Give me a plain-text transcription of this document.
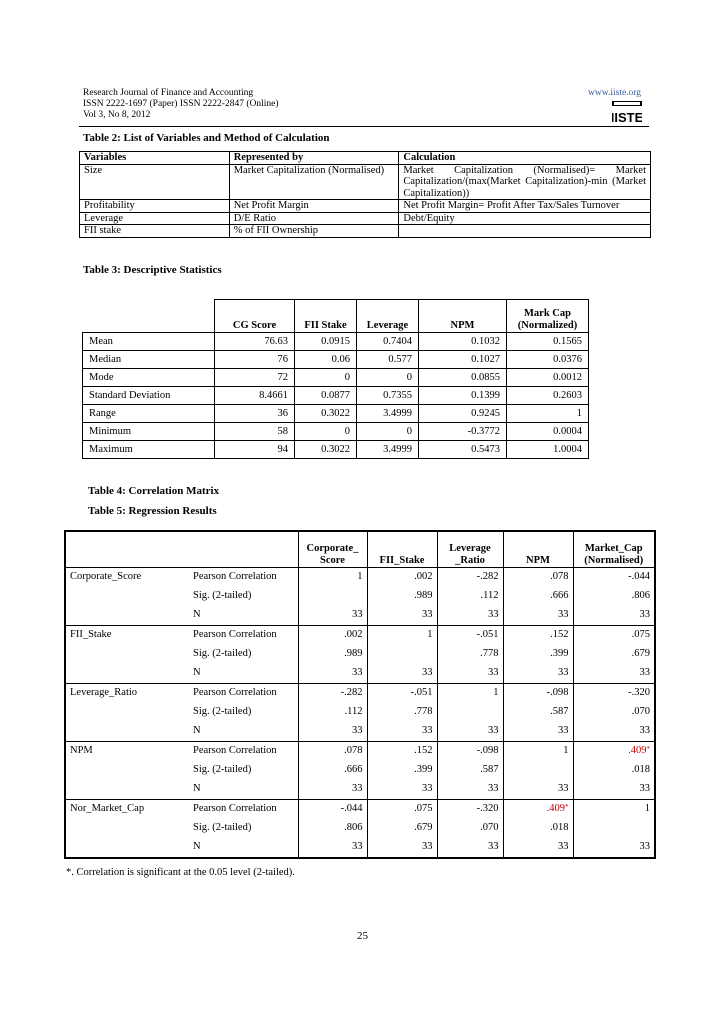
Research Journal of Finance and Accounting
ISSN 2222-1697 (Paper) ISSN 2222-2847 (Online)
Vol 3, No 8, 2012
www.iiste.org
IISTE
Table 2: List of Variables and Method of Calculation
Variables	Represented by	Calculation
Size	Market Capitalization (Normalised)	Market Capitalization (Normalised)= Market Capitalization/(max(Market Capitalization)-min (Market Capitalization))
Profitability	Net Profit Margin	Net Profit Margin= Profit After Tax/Sales Turnover
Leverage	D/E Ratio	Debt/Equity
FII stake	% of FII Ownership	
Table 3: Descriptive Statistics
	CG Score	FII Stake	Leverage	NPM	Mark Cap (Normalized)
Mean	76.63	0.0915	0.7404	0.1032	0.1565
Median	76	0.06	0.577	0.1027	0.0376
Mode	72	0	0	0.0855	0.0012
Standard Deviation	8.4661	0.0877	0.7355	0.1399	0.2603
Range	36	0.3022	3.4999	0.9245	1
Minimum	58	0	0	-0.3772	0.0004
Maximum	94	0.3022	3.4999	0.5473	1.0004
Table 4: Correlation Matrix
Table 5: Regression Results
		Corporate_ Score	FII_Stake	Leverage _Ratio	NPM	Market_Cap (Normalised)
Corporate_Score	Pearson Correlation	1	.002	-.282	.078	-.044
	Sig. (2-tailed)		.989	.112	.666	.806
	N	33	33	33	33	33
FII_Stake	Pearson Correlation	.002	1	-.051	.152	.075
	Sig. (2-tailed)	.989		.778	.399	.679
	N	33	33	33	33	33
Leverage_Ratio	Pearson Correlation	-.282	-.051	1	-.098	-.320
	Sig. (2-tailed)	.112	.778		.587	.070
	N	33	33	33	33	33
NPM	Pearson Correlation	.078	.152	-.098	1	.409*
	Sig. (2-tailed)	.666	.399	.587		.018
	N	33	33	33	33	33
Nor_Market_Cap	Pearson Correlation	-.044	.075	-.320	.409*	1
	Sig. (2-tailed)	.806	.679	.070	.018	
	N	33	33	33	33	33
*. Correlation is significant at the 0.05 level (2-tailed).
25
